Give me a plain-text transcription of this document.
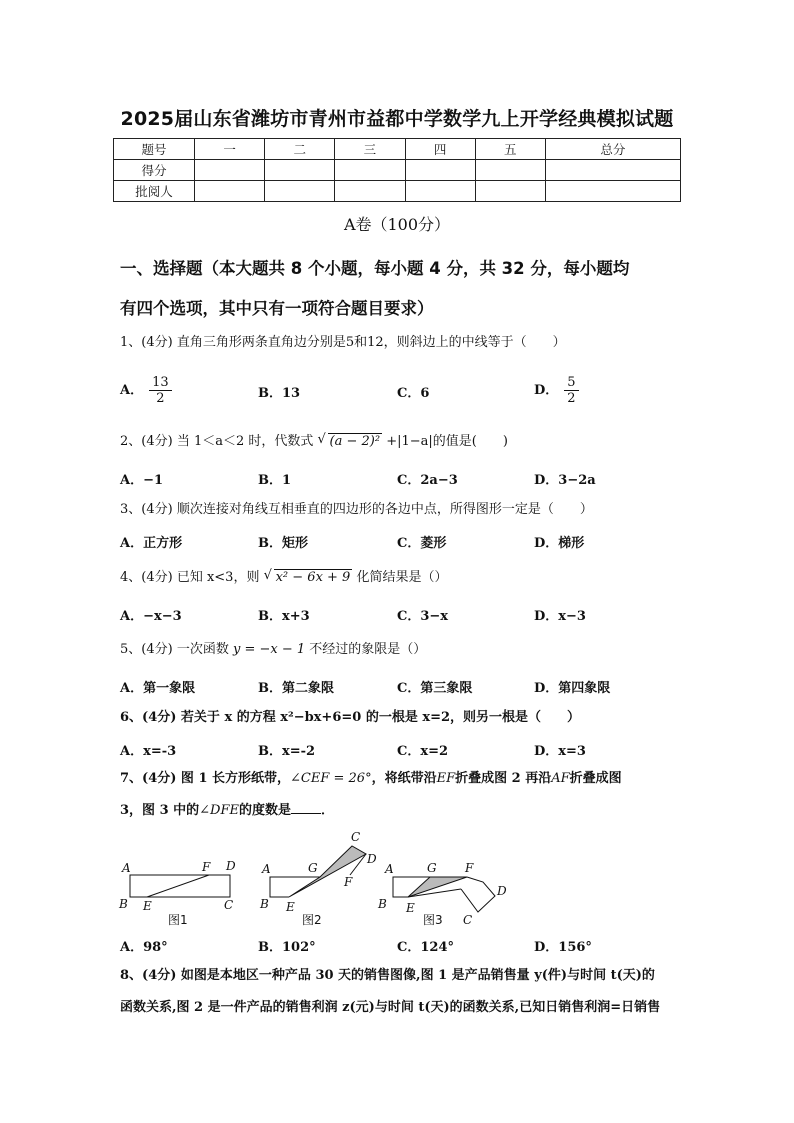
2025届山东省潍坊市青州市益都中学数学九上开学经典模拟试题
题号	一	二	三	四	五	总分
得分						
批阅人						
A卷（100分）
一、选择题（本大题共 8 个小题，每小题 4 分，共 32 分，每小题均
有四个选项，其中只有一项符合题目要求）
1、(4分) 直角三角形两条直角边分别是5和12，则斜边上的中线等于（　　）
A． $\frac{13}{2}$	B．13	C．6	D． $\frac{5}{2}$
2、(4分) 当 1＜a＜2 时，代数式 √ (a − 2)² +|1−a|的值是(　　)
A．−1	B．1	C．2a−3	D．3−2a
3、(4分) 顺次连接对角线互相垂直的四边形的各边中点，所得图形一定是（　　）
A．正方形	B．矩形	C．菱形	D．梯形
4、(4分) 已知 x<3，则 √ x² − 6x + 9 化简结果是（）
A．−x−3	B．x+3	C．3−x	D．x−3
5、(4分) 一次函数 y = −x − 1 不经过的象限是（）
A．第一象限	B．第二象限	C．第三象限	D．第四象限
6、(4分) 若关于 x 的方程 x²−bx+6=0 的一根是 x=2，则另一根是（　　）
A．x=-3	B．x=-2	C．x=2	D．x=3
7、(4分) 图 1 长方形纸带，∠CEF = 26°，将纸带沿EF折叠成图 2 再沿AF折叠成图
3，图 3 中的∠DFE的度数是 ．
A	F D
B E	C
图1
C
D
A	G
F
B E
图2
A	G F
D
B E
C
图3
A．98°	B．102°	C．124°	D．156°
8、(4分) 如图是本地区一种产品 30 天的销售图像,图 1 是产品销售量 y(件)与时间 t(天)的
函数关系,图 2 是一件产品的销售利润 z(元)与时间 t(天)的函数关系,已知日销售利润=日销售
